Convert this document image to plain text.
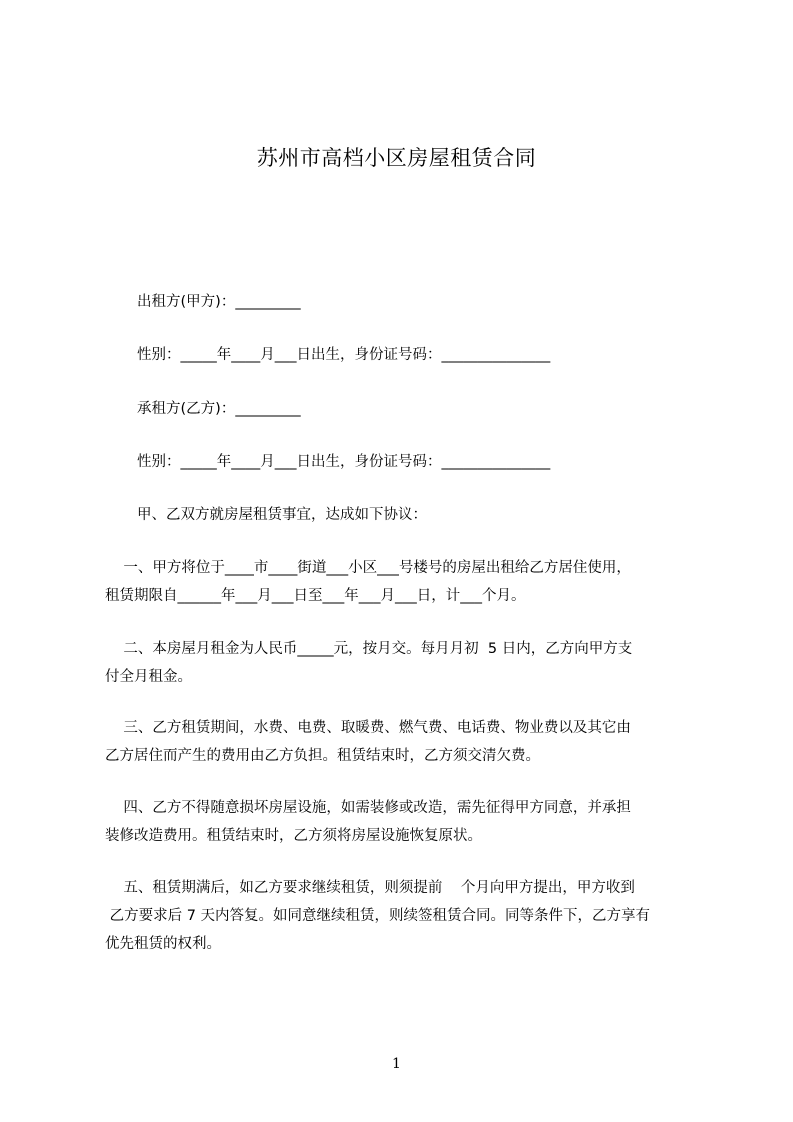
苏州市高档小区房屋租赁合同
出租方(甲方)：_________
性别：_____年____月___日出生，身份证号码：_______________
承租方(乙方)：_________
性别：_____年____月___日出生，身份证号码：_______________
甲、乙双方就房屋租赁事宜，达成如下协议：

一、甲方将位于____市____街道___小区___号楼号的房屋出租给乙方居住使用，

租赁期限自______年___月___日至___年___月___日，计___个月。

二、本房屋月租金为人民币_____元，按月交。每月月初  5 日内，乙方向甲方支

付全月租金。

三、乙方租赁期间，水费、电费、取暖费、燃气费、电话费、物业费以及其它由

乙方居住而产生的费用由乙方负担。租赁结束时，乙方须交清欠费。

四、乙方不得随意损坏房屋设施，如需装修或改造，需先征得甲方同意，并承担

装修改造费用。租赁结束时，乙方须将房屋设施恢复原状。

五、租赁期满后，如乙方要求继续租赁，则须提前    个月向甲方提出，甲方收到

乙方要求后 7 天内答复。如同意继续租赁，则续签租赁合同。同等条件下，乙方享有

优先租赁的权利。

1
